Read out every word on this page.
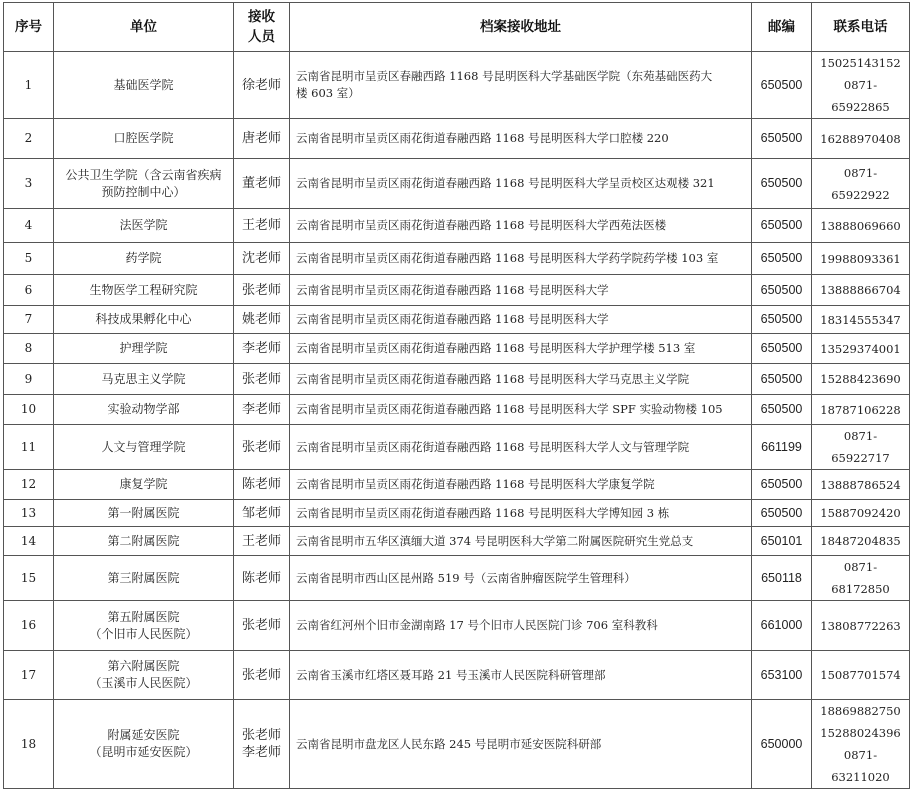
序号	单位	接收
人员	档案接收地址	邮编	联系电话
1	基础医学院	徐老师	云南省昆明市呈贡区春融西路 1168 号昆明医科大学基础医学院（东苑基础医药大
楼 603 室）	650500	15025143152
0871-65922865

2	口腔医学院	唐老师	云南省昆明市呈贡区雨花街道春融西路 1168 号昆明医科大学口腔楼 220	650500	16288970408

3	公共卫生学院（含云南省疾病
预防控制中心）	董老师	云南省昆明市呈贡区雨花街道春融西路 1168 号昆明医科大学呈贡校区达观楼 321	650500	0871-65922922

4	法医学院	王老师	云南省昆明市呈贡区雨花街道春融西路 1168 号昆明医科大学西苑法医楼	650500	13888069660

5	药学院	沈老师	云南省昆明市呈贡区雨花街道春融西路 1168 号昆明医科大学药学院药学楼 103 室	650500	19988093361

6	生物医学工程研究院	张老师	云南省昆明市呈贡区雨花街道春融西路 1168 号昆明医科大学	650500	13888866704

7	科技成果孵化中心	姚老师	云南省昆明市呈贡区雨花街道春融西路 1168 号昆明医科大学	650500	18314555347

8	护理学院	李老师	云南省昆明市呈贡区雨花街道春融西路 1168 号昆明医科大学护理学楼 513 室	650500	13529374001

9	马克思主义学院	张老师	云南省昆明市呈贡区雨花街道春融西路 1168 号昆明医科大学马克思主义学院	650500	15288423690

10	实验动物学部	李老师	云南省昆明市呈贡区雨花街道春融西路 1168 号昆明医科大学 SPF 实验动物楼 105	650500	18787106228

11	人文与管理学院	张老师	云南省昆明市呈贡区雨花街道春融西路 1168 号昆明医科大学人文与管理学院	661199	0871-65922717

12	康复学院	陈老师	云南省昆明市呈贡区雨花街道春融西路 1168 号昆明医科大学康复学院	650500	13888786524

13	第一附属医院	邹老师	云南省昆明市呈贡区雨花街道春融西路 1168 号昆明医科大学博知园 3 栋	650500	15887092420

14	第二附属医院	王老师	云南省昆明市五华区滇缅大道 374 号昆明医科大学第二附属医院研究生党总支	650101	18487204835

15	第三附属医院	陈老师	云南省昆明市西山区昆州路 519 号（云南省肿瘤医院学生管理科）	650118	0871-68172850

16	第五附属医院
（个旧市人民医院）	张老师	云南省红河州个旧市金湖南路 17 号个旧市人民医院门诊 706 室科教科	661000	13808772263

17	第六附属医院
（玉溪市人民医院）	张老师	云南省玉溪市红塔区聂耳路 21 号玉溪市人民医院科研管理部	653100	15087701574

18	附属延安医院
（昆明市延安医院）	张老师
李老师	云南省昆明市盘龙区人民东路 245 号昆明市延安医院科研部	650000	18869882750
15288024396
0871-63211020
